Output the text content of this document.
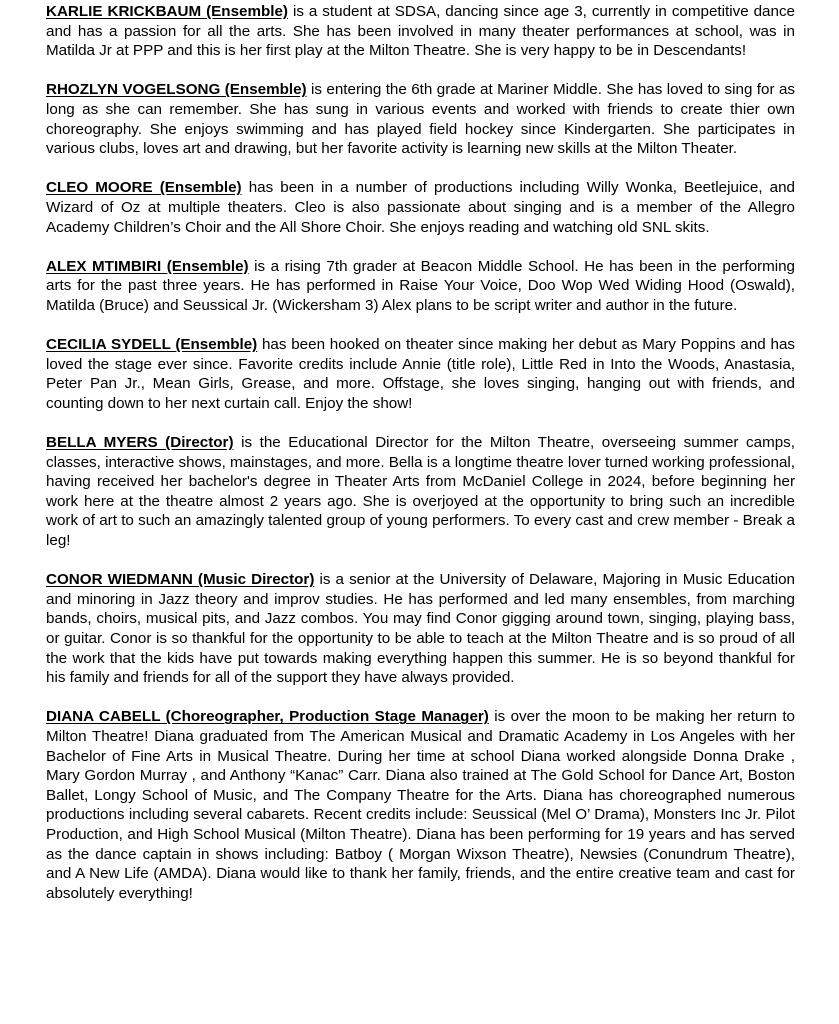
KARLIE KRICKBAUM (Ensemble) is a student at SDSA, dancing since age 3, currently in competitive dance and has a passion for all the arts. She has been involved in many theater performances at school, was in Matilda Jr at PPP and this is her first play at the Milton Theatre. She is very happy to be in Descendants!

RHOZLYN VOGELSONG (Ensemble) is entering the 6th grade at Mariner Middle. She has loved to sing for as long as she can remember. She has sung in various events and worked with friends to create thier own choreography. She enjoys swimming and has played field hockey since Kindergarten. She participates in various clubs, loves art and drawing, but her favorite activity is learning new skills at the Milton Theater.

CLEO MOORE (Ensemble) has been in a number of productions including Willy Wonka, Beetlejuice, and Wizard of Oz at multiple theaters. Cleo is also passionate about singing and is a member of the Allegro Academy Children’s Choir and the All Shore Choir. She enjoys reading and watching old SNL skits.

ALEX MTIMBIRI (Ensemble) is a rising 7th grader at Beacon Middle School. He has been in the performing arts for the past three years. He has performed in Raise Your Voice, Doo Wop Wed Widing Hood (Oswald), Matilda (Bruce) and Seussical Jr. (Wickersham 3) Alex plans to be script writer and author in the future.

CECILIA SYDELL (Ensemble) has been hooked on theater since making her debut as Mary Poppins and has loved the stage ever since. Favorite credits include Annie (title role), Little Red in Into the Woods, Anastasia, Peter Pan Jr., Mean Girls, Grease, and more. Offstage, she loves singing, hanging out with friends, and counting down to her next curtain call. Enjoy the show!

BELLA MYERS (Director) is the Educational Director for the Milton Theatre, overseeing summer camps, classes, interactive shows, mainstages, and more. Bella is a longtime theatre lover turned working professional, having received her bachelor's degree in Theater Arts from McDaniel College in 2024, before beginning her work here at the theatre almost 2 years ago. She is overjoyed at the opportunity to bring such an incredible work of art to such an amazingly talented group of young performers. To every cast and crew member - Break a leg!

CONOR WIEDMANN (Music Director) is a senior at the University of Delaware, Majoring in Music Education and minoring in Jazz theory and improv studies. He has performed and led many ensembles, from marching bands, choirs, musical pits, and Jazz combos. You may find Conor gigging around town, singing, playing bass, or guitar. Conor is so thankful for the opportunity to be able to teach at the Milton Theatre and is so proud of all the work that the kids have put towards making everything happen this summer. He is so beyond thankful for his family and friends for all of the support they have always provided.

DIANA CABELL (Choreographer, Production Stage Manager) is over the moon to be making her return to Milton Theatre! Diana graduated from The American Musical and Dramatic Academy in Los Angeles with her Bachelor of Fine Arts in Musical Theatre. During her time at school Diana worked alongside Donna Drake , Mary Gordon Murray , and Anthony “Kanac” Carr. Diana also trained at The Gold School for Dance Art, Boston Ballet, Longy School of Music, and The Company Theatre for the Arts. Diana has choreographed numerous productions including several cabarets. Recent credits include: Seussical (Mel O’ Drama), Monsters Inc Jr. Pilot Production, and High School Musical (Milton Theatre). Diana has been performing for 19 years and has served as the dance captain in shows including: Batboy ( Morgan Wixson Theatre), Newsies (Conundrum Theatre), and A New Life (AMDA). Diana would like to thank her family, friends, and the entire creative team and cast for absolutely everything!
